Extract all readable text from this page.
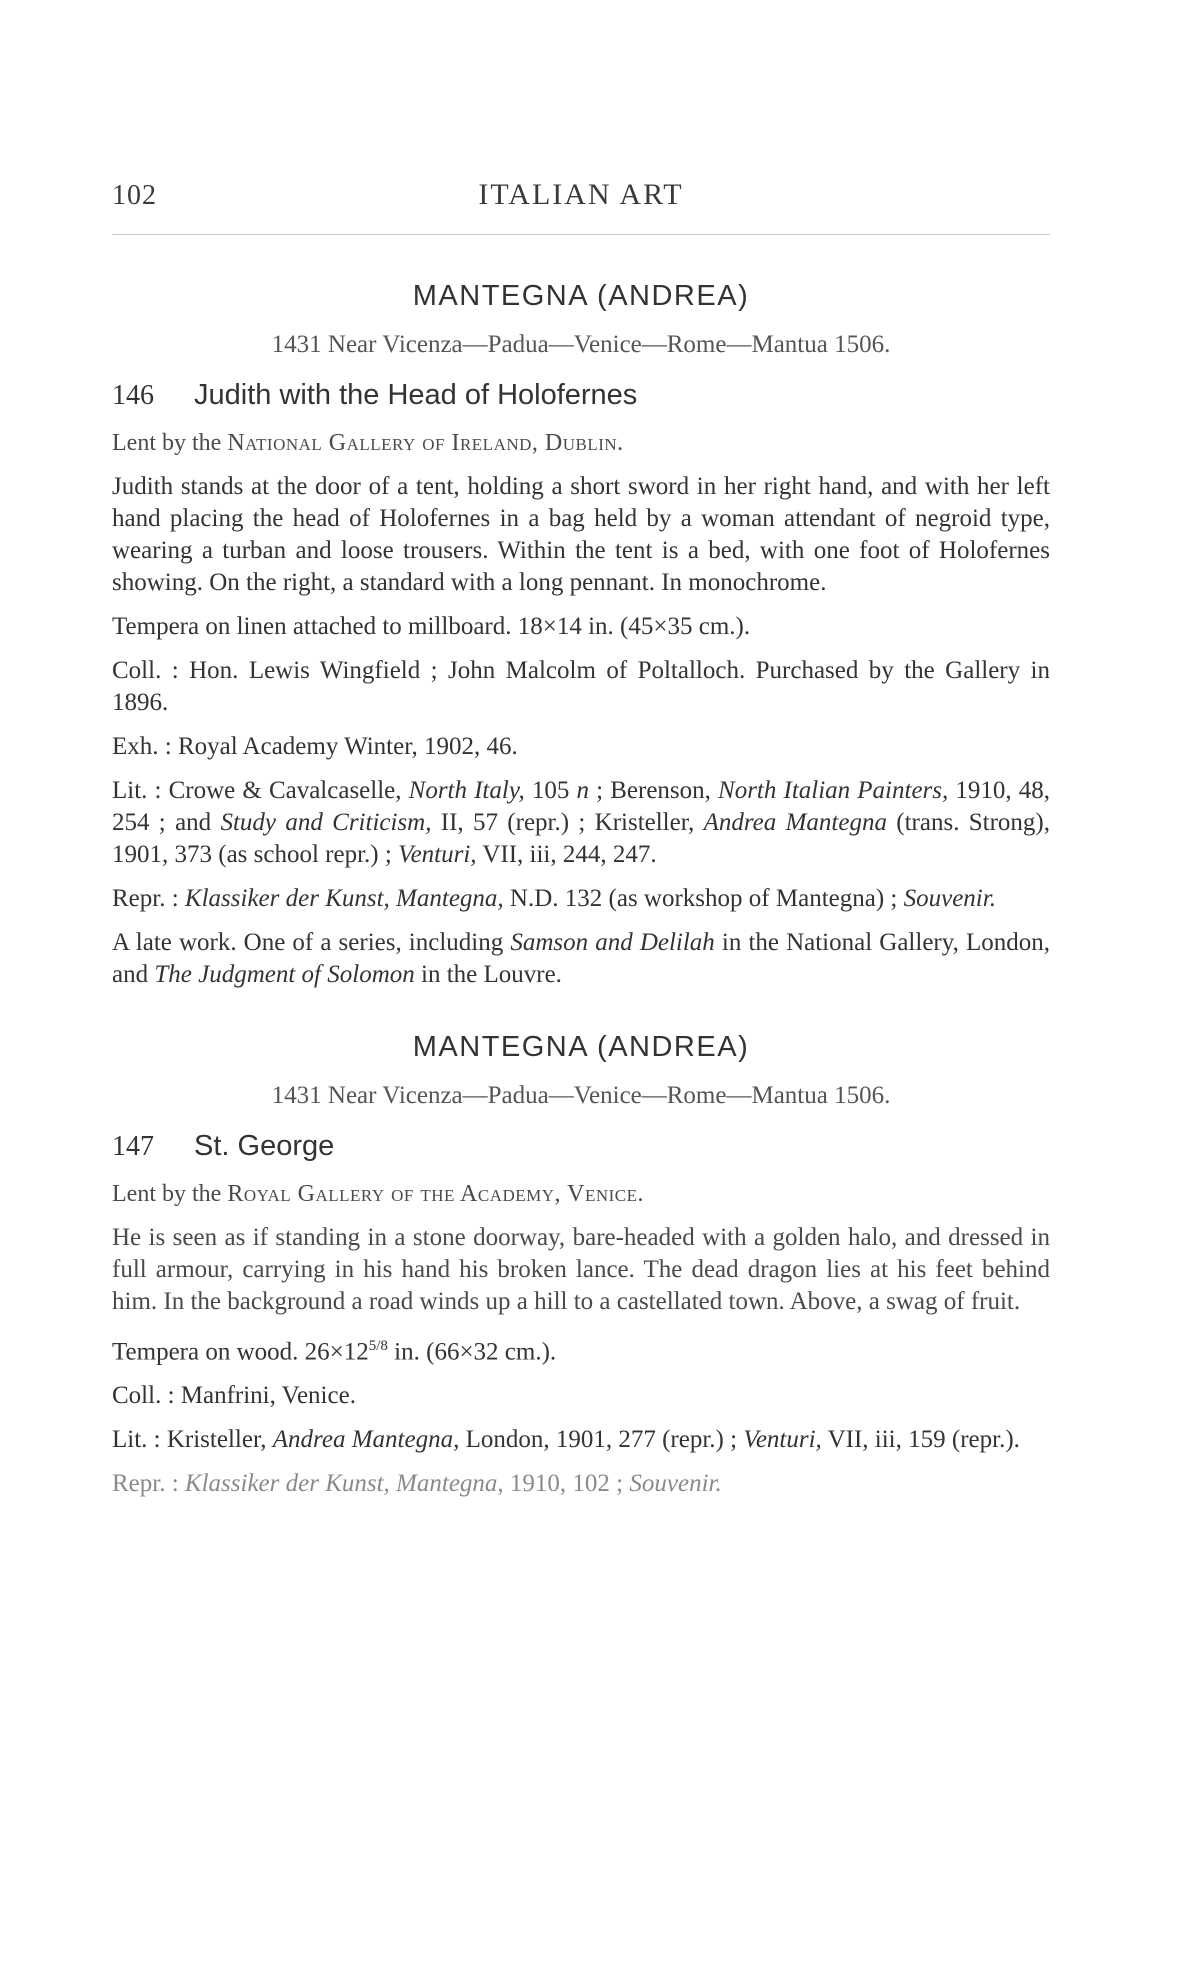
102	ITALIAN ART
MANTEGNA (ANDREA)
1431 Near Vicenza—Padua—Venice—Rome—Mantua 1506.
146	Judith with the Head of Holofernes
Lent by the National Gallery of Ireland, Dublin.

Judith stands at the door of a tent, holding a short sword in her right hand, and with her left hand placing the head of Holofernes in a bag held by a woman attendant of negroid type, wearing a turban and loose trousers. Within the tent is a bed, with one foot of Holofernes showing. On the right, a standard with a long pennant. In monochrome.

Tempera on linen attached to millboard. 18×14 in. (45×35 cm.).

Coll. : Hon. Lewis Wingfield ; John Malcolm of Poltalloch. Purchased by the Gallery in 1896.

Exh. : Royal Academy Winter, 1902, 46.

Lit. : Crowe & Cavalcaselle, North Italy, 105 n ; Berenson, North Italian Painters, 1910, 48, 254 ; and Study and Criticism, II, 57 (repr.) ; Kristeller, Andrea Mantegna (trans. Strong), 1901, 373 (as school repr.) ; Venturi, VII, iii, 244, 247.

Repr. : Klassiker der Kunst, Mantegna, N.D. 132 (as workshop of Mantegna) ; Souvenir.

A late work. One of a series, including Samson and Delilah in the National Gallery, London, and The Judgment of Solomon in the Louvre.

MANTEGNA (ANDREA)
1431 Near Vicenza—Padua—Venice—Rome—Mantua 1506.
147	St. George
Lent by the Royal Gallery of the Academy, Venice.

He is seen as if standing in a stone doorway, bare-headed with a golden halo, and dressed in full armour, carrying in his hand his broken lance. The dead dragon lies at his feet behind him. In the background a road winds up a hill to a castellated town. Above, a swag of fruit.

Tempera on wood. $26\times 12^{5/8}$ in. (66×32 cm.).

Coll. : Manfrini, Venice.

Lit. : Kristeller, Andrea Mantegna, London, 1901, 277 (repr.) ; Venturi, VII, iii, 159 (repr.).

Repr. : Klassiker der Kunst, Mantegna, 1910, 102 ; Souvenir.
